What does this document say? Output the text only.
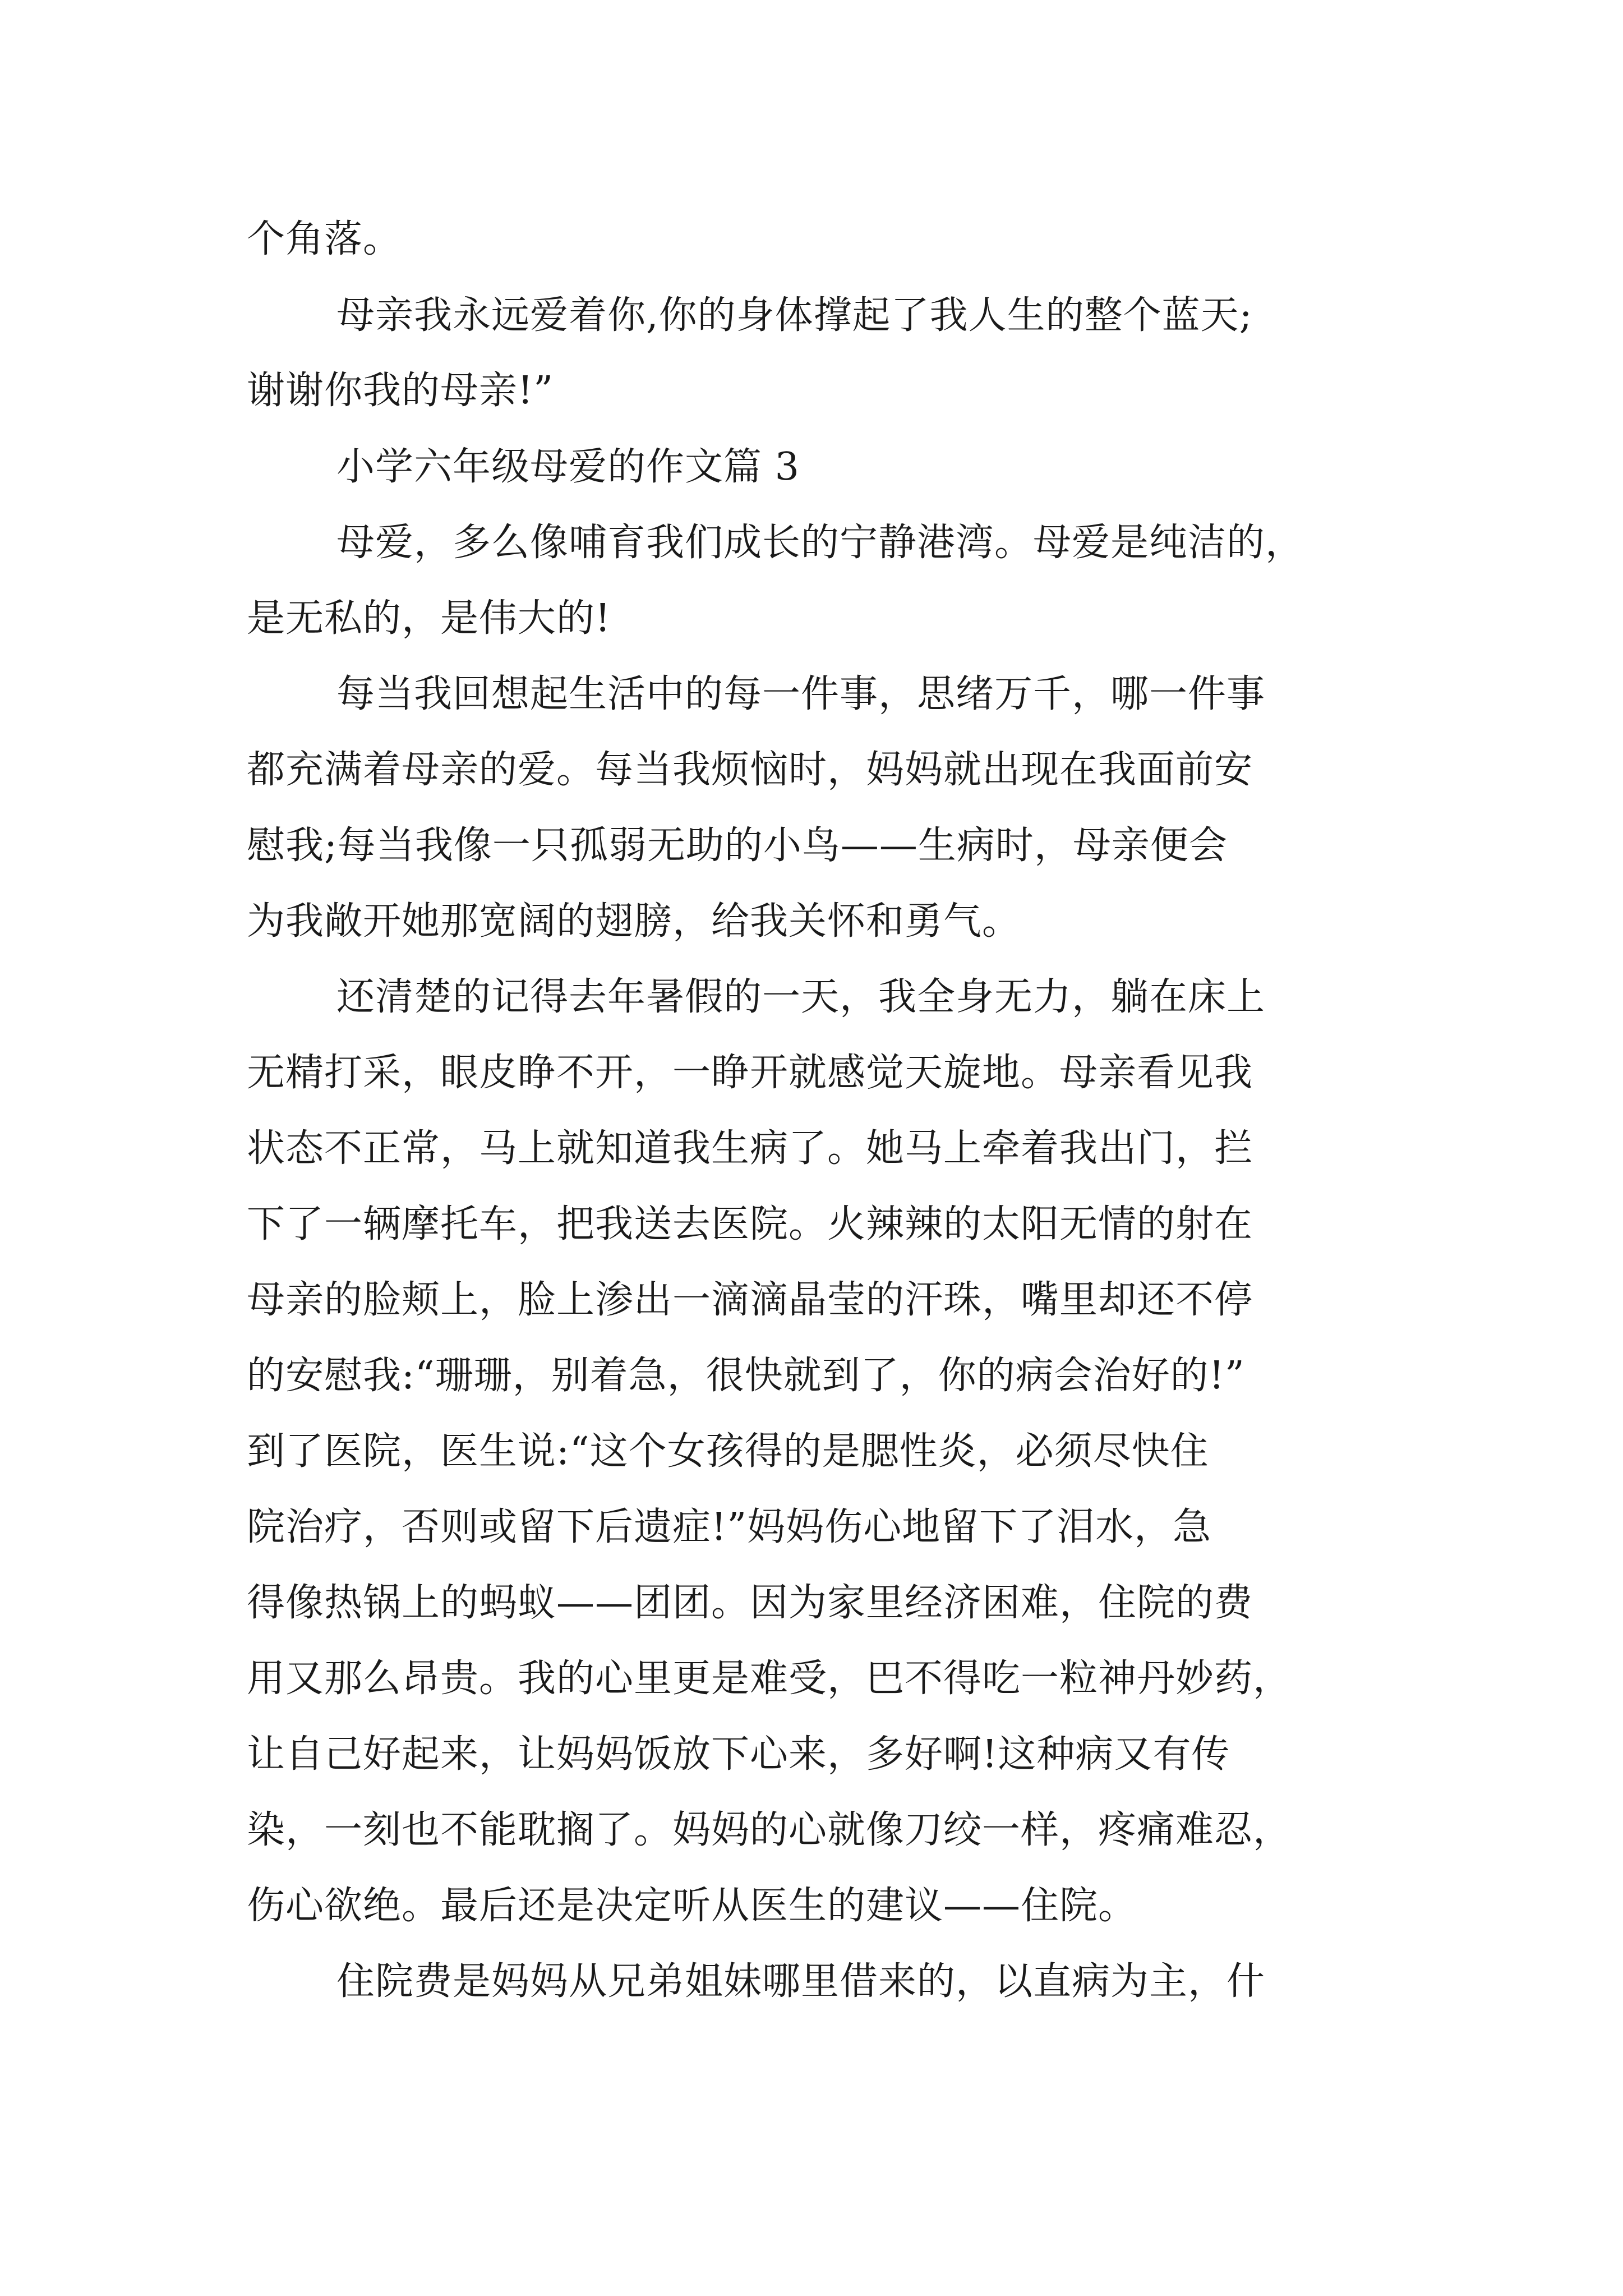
个角落。
母亲我永远爱着你,你的身体撑起了我人生的整个蓝天;
谢谢你我的母亲!”
小学六年级母爱的作文篇 3
母爱，多么像哺育我们成长的宁静港湾。母爱是纯洁的，
是无私的，是伟大的!
每当我回想起生活中的每一件事，思绪万千，哪一件事
都充满着母亲的爱。每当我烦恼时，妈妈就出现在我面前安
慰我;每当我像一只孤弱无助的小鸟——生病时，母亲便会
为我敞开她那宽阔的翅膀，给我关怀和勇气。
还清楚的记得去年暑假的一天，我全身无力，躺在床上
无精打采，眼皮睁不开，一睁开就感觉天旋地。母亲看见我
状态不正常，马上就知道我生病了。她马上牵着我出门，拦
下了一辆摩托车，把我送去医院。火辣辣的太阳无情的射在
母亲的脸颊上，脸上渗出一滴滴晶莹的汗珠，嘴里却还不停
的安慰我:“珊珊，别着急，很快就到了，你的病会治好的!”
到了医院，医生说:“这个女孩得的是腮性炎，必须尽快住
院治疗，否则或留下后遗症!”妈妈伤心地留下了泪水，急
得像热锅上的蚂蚁——团团。因为家里经济困难，住院的费
用又那么昂贵。我的心里更是难受，巴不得吃一粒神丹妙药，
让自己好起来，让妈妈饭放下心来，多好啊!这种病又有传
染，一刻也不能耽搁了。妈妈的心就像刀绞一样，疼痛难忍，
伤心欲绝。最后还是决定听从医生的建议——住院。
住院费是妈妈从兄弟姐妹哪里借来的，以直病为主，什
